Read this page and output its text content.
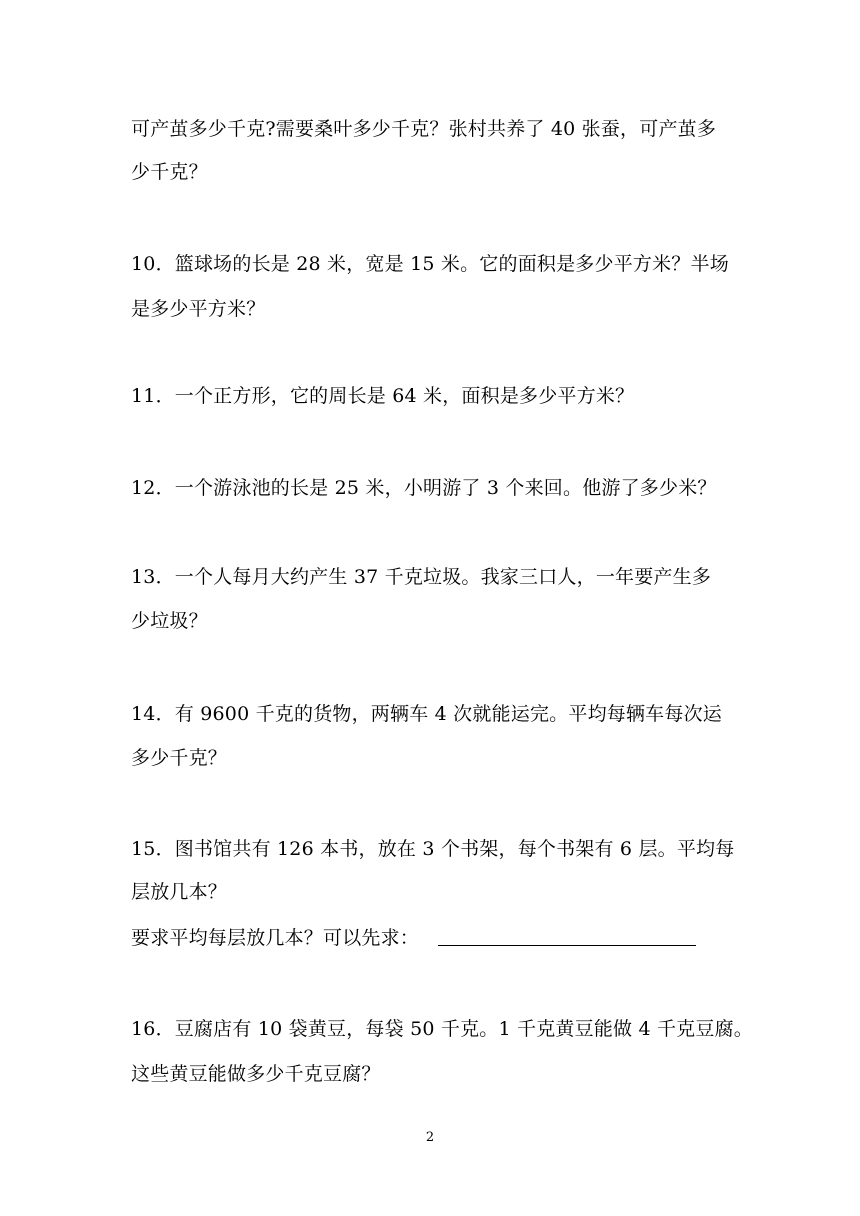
可产茧多少千克?需要桑叶多少千克？张村共养了 40 张蚕，可产茧多
少千克？
10．篮球场的长是 28 米，宽是 15 米。它的面积是多少平方米？半场
是多少平方米？
11．一个正方形，它的周长是 64 米，面积是多少平方米？
12．一个游泳池的长是 25 米，小明游了 3 个来回。他游了多少米？
13．一个人每月大约产生 37 千克垃圾。我家三口人，一年要产生多
少垃圾？
14．有 9600 千克的货物，两辆车 4 次就能运完。平均每辆车每次运
多少千克？
15．图书馆共有 126 本书，放在 3 个书架，每个书架有 6 层。平均每
层放几本？
要求平均每层放几本？可以先求：
16．豆腐店有 10 袋黄豆，每袋 50 千克。1 千克黄豆能做 4 千克豆腐。
这些黄豆能做多少千克豆腐？
2
